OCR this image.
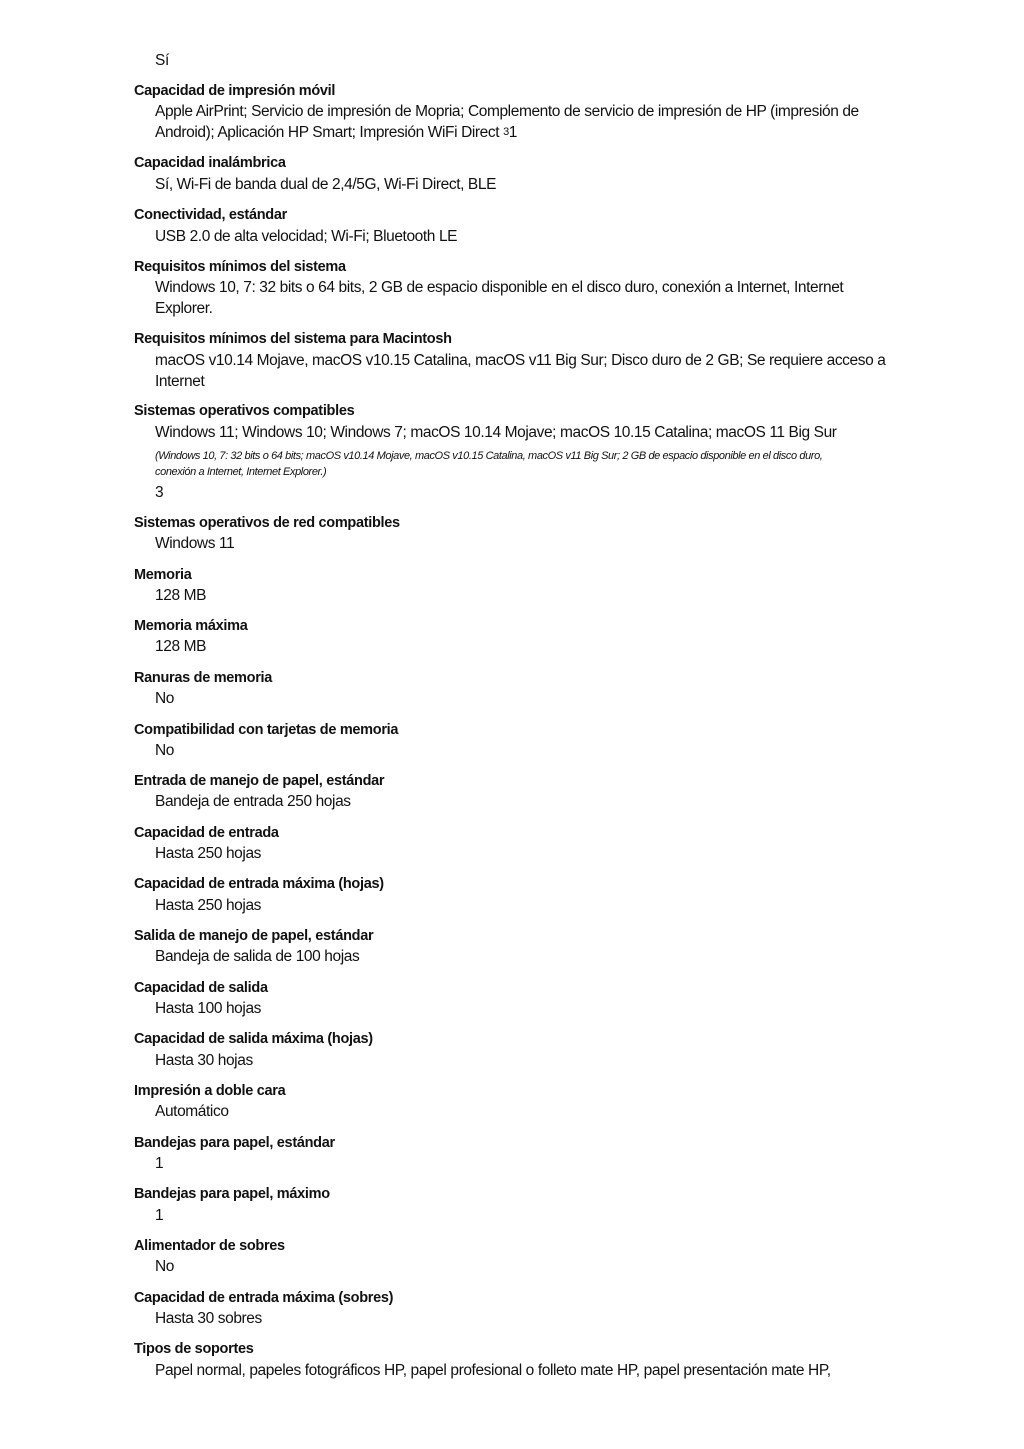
Sí
Capacidad de impresión móvil
Apple AirPrint; Servicio de impresión de Mopria; Complemento de servicio de impresión de HP (impresión de
Android); Aplicación HP Smart; Impresión WiFi Direct $^3$1
Capacidad inalámbrica
Sí, Wi-Fi de banda dual de 2,4/5G, Wi-Fi Direct, BLE
Conectividad, estándar
USB 2.0 de alta velocidad; Wi-Fi; Bluetooth LE
Requisitos mínimos del sistema
Windows 10, 7: 32 bits o 64 bits, 2 GB de espacio disponible en el disco duro, conexión a Internet, Internet
Explorer.
Requisitos mínimos del sistema para Macintosh
macOS v10.14 Mojave, macOS v10.15 Catalina, macOS v11 Big Sur; Disco duro de 2 GB; Se requiere acceso a
Internet
Sistemas operativos compatibles
Windows 11; Windows 10; Windows 7; macOS 10.14 Mojave; macOS 10.15 Catalina; macOS 11 Big Sur
(Windows 10, 7: 32 bits o 64 bits; macOS v10.14 Mojave, macOS v10.15 Catalina, macOS v11 Big Sur; 2 GB de espacio disponible en el disco duro,
conexión a Internet, Internet Explorer.)
3
Sistemas operativos de red compatibles
Windows 11
Memoria
128 MB
Memoria máxima
128 MB
Ranuras de memoria
No
Compatibilidad con tarjetas de memoria
No
Entrada de manejo de papel, estándar
Bandeja de entrada 250 hojas
Capacidad de entrada
Hasta 250 hojas
Capacidad de entrada máxima (hojas)
Hasta 250 hojas
Salida de manejo de papel, estándar
Bandeja de salida de 100 hojas
Capacidad de salida
Hasta 100 hojas
Capacidad de salida máxima (hojas)
Hasta 30 hojas
Impresión a doble cara
Automático
Bandejas para papel, estándar
1
Bandejas para papel, máximo
1
Alimentador de sobres
No
Capacidad de entrada máxima (sobres)
Hasta 30 sobres
Tipos de soportes
Papel normal, papeles fotográficos HP, papel profesional o folleto mate HP, papel presentación mate HP,
